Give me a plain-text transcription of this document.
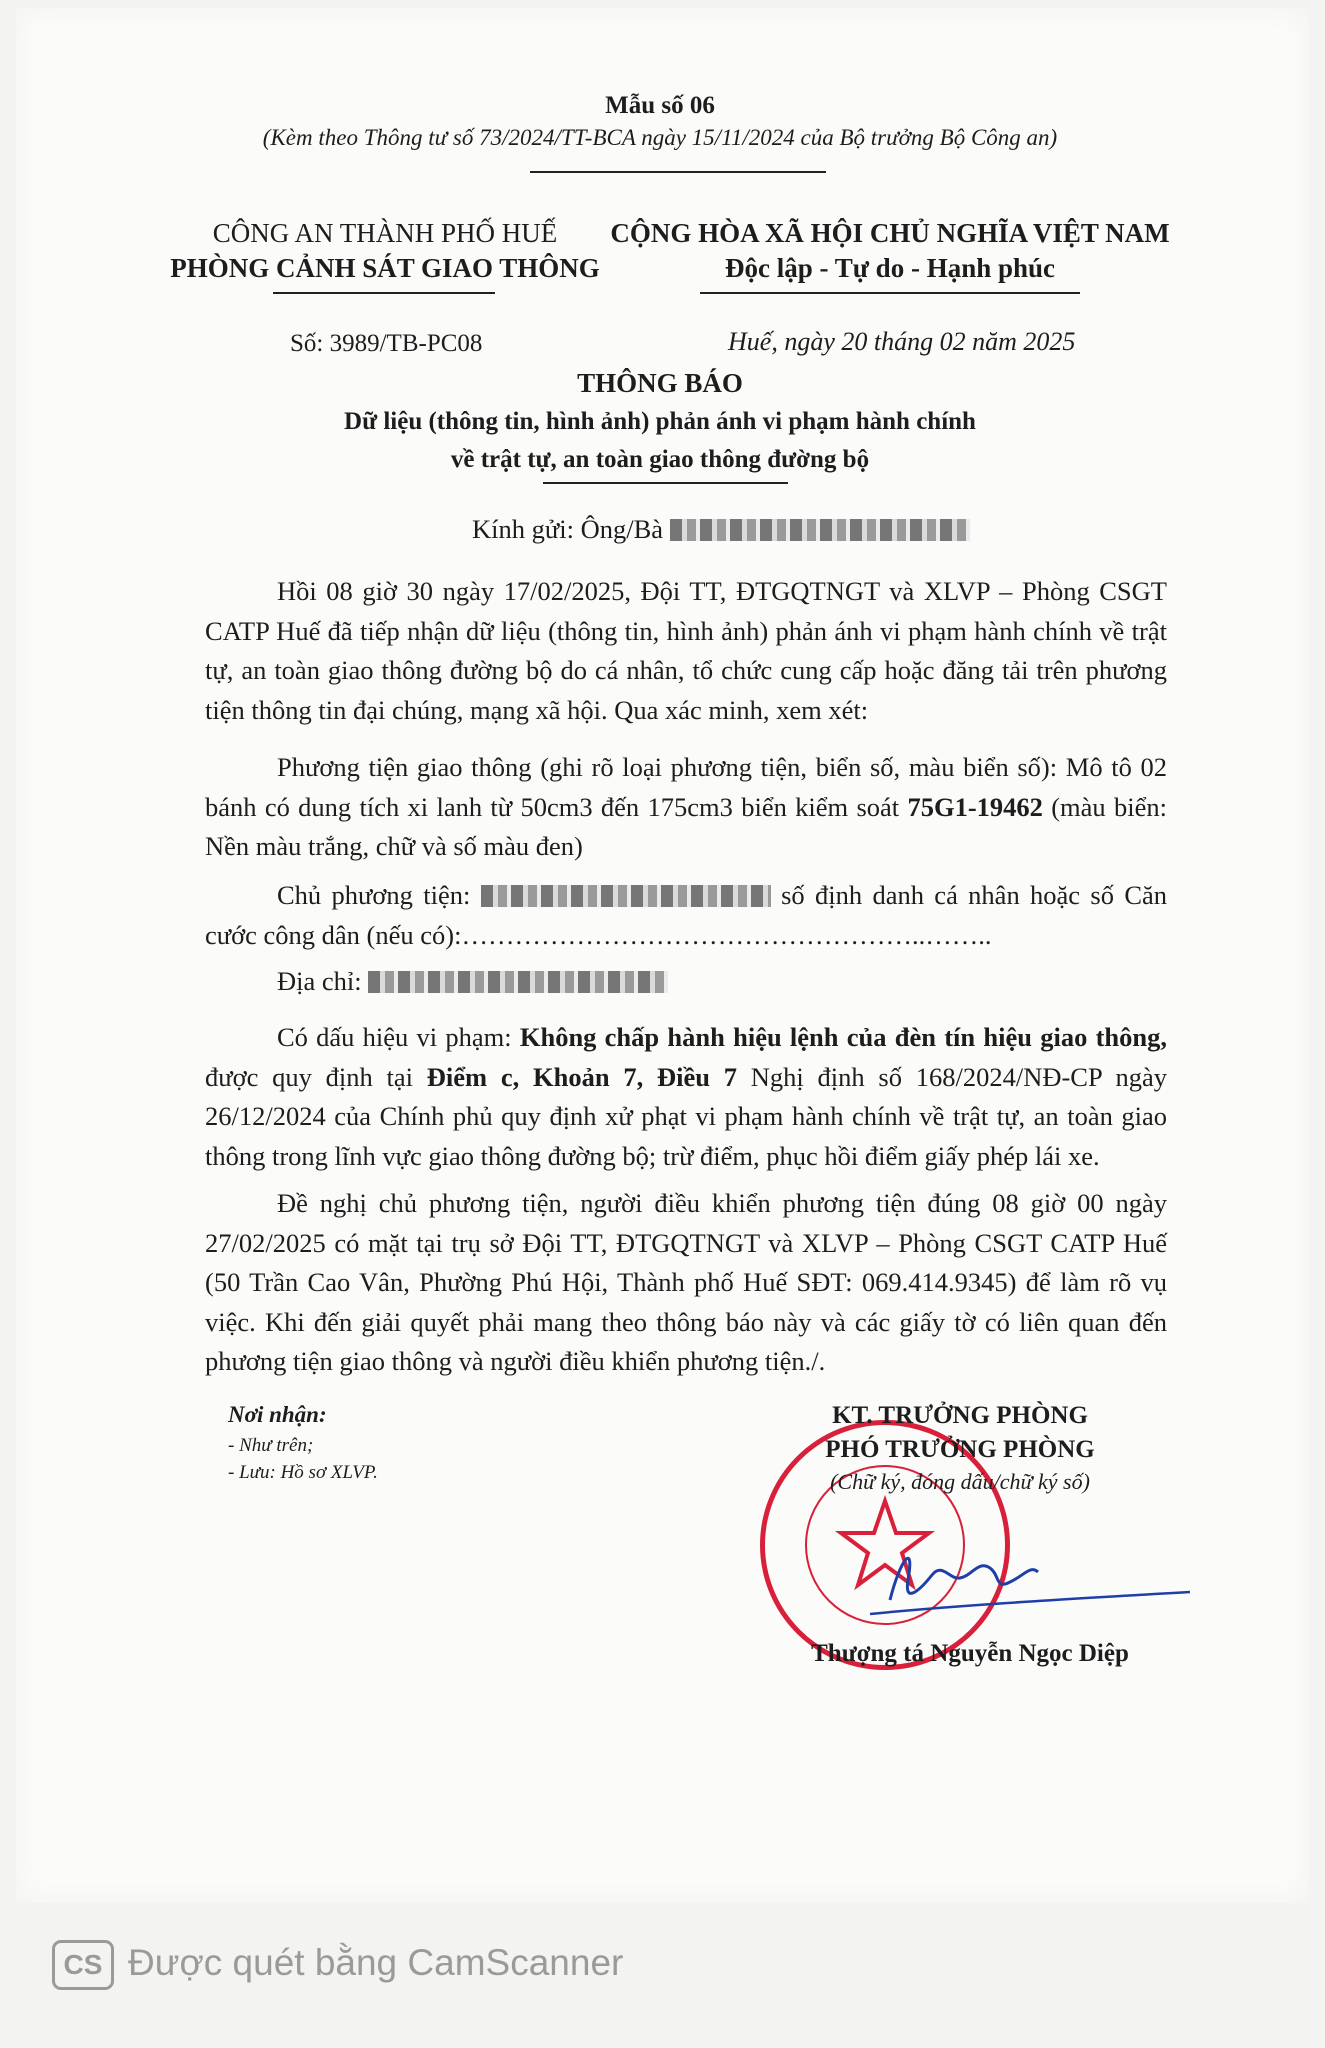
Mẫu số 06
(Kèm theo Thông tư số 73/2024/TT-BCA ngày 15/11/2024 của Bộ trưởng Bộ Công an)
CÔNG AN THÀNH PHỐ HUẾ
PHÒNG CẢNH SÁT GIAO THÔNG
CỘNG HÒA XÃ HỘI CHỦ NGHĨA VIỆT NAM
Độc lập - Tự do - Hạnh phúc
Số: 3989/TB-PC08	Huế, ngày 20 tháng 02 năm 2025
THÔNG BÁO
Dữ liệu (thông tin, hình ảnh) phản ánh vi phạm hành chính
về trật tự, an toàn giao thông đường bộ
Kính gửi: Ông/Bà
Hồi 08 giờ 30 ngày 17/02/2025, Đội TT, ĐTGQTNGT và XLVP – Phòng CSGT CATP Huế đã tiếp nhận dữ liệu (thông tin, hình ảnh) phản ánh vi phạm hành chính về trật tự, an toàn giao thông đường bộ do cá nhân, tổ chức cung cấp hoặc đăng tải trên phương tiện thông tin đại chúng, mạng xã hội. Qua xác minh, xem xét:
Phương tiện giao thông (ghi rõ loại phương tiện, biển số, màu biển số): Mô tô 02 bánh có dung tích xi lanh từ 50cm3 đến 175cm3 biển kiểm soát 75G1-19462 (màu biển: Nền màu trắng, chữ và số màu đen)
Chủ phương tiện:	số định danh cá nhân hoặc số Căn cước công dân (nếu có):……………………………………………..……..
Địa chỉ:
Có dấu hiệu vi phạm: Không chấp hành hiệu lệnh của đèn tín hiệu giao thông, được quy định tại Điểm c, Khoản 7, Điều 7 Nghị định số 168/2024/NĐ-CP ngày 26/12/2024 của Chính phủ quy định xử phạt vi phạm hành chính về trật tự, an toàn giao thông trong lĩnh vực giao thông đường bộ; trừ điểm, phục hồi điểm giấy phép lái xe.
Đề nghị chủ phương tiện, người điều khiển phương tiện đúng 08 giờ 00 ngày 27/02/2025 có mặt tại trụ sở Đội TT, ĐTGQTNGT và XLVP – Phòng CSGT CATP Huế (50 Trần Cao Vân, Phường Phú Hội, Thành phố Huế SĐT: 069.414.9345) để làm rõ vụ việc. Khi đến giải quyết phải mang theo thông báo này và các giấy tờ có liên quan đến phương tiện giao thông và người điều khiển phương tiện./.
Nơi nhận:
- Như trên;
- Lưu: Hồ sơ XLVP.
KT. TRƯỞNG PHÒNG
PHÓ TRƯỞNG PHÒNG
(Chữ ký, đóng dấu/chữ ký số)
Thượng tá Nguyễn Ngọc Diệp
CS Được quét bằng CamScanner
